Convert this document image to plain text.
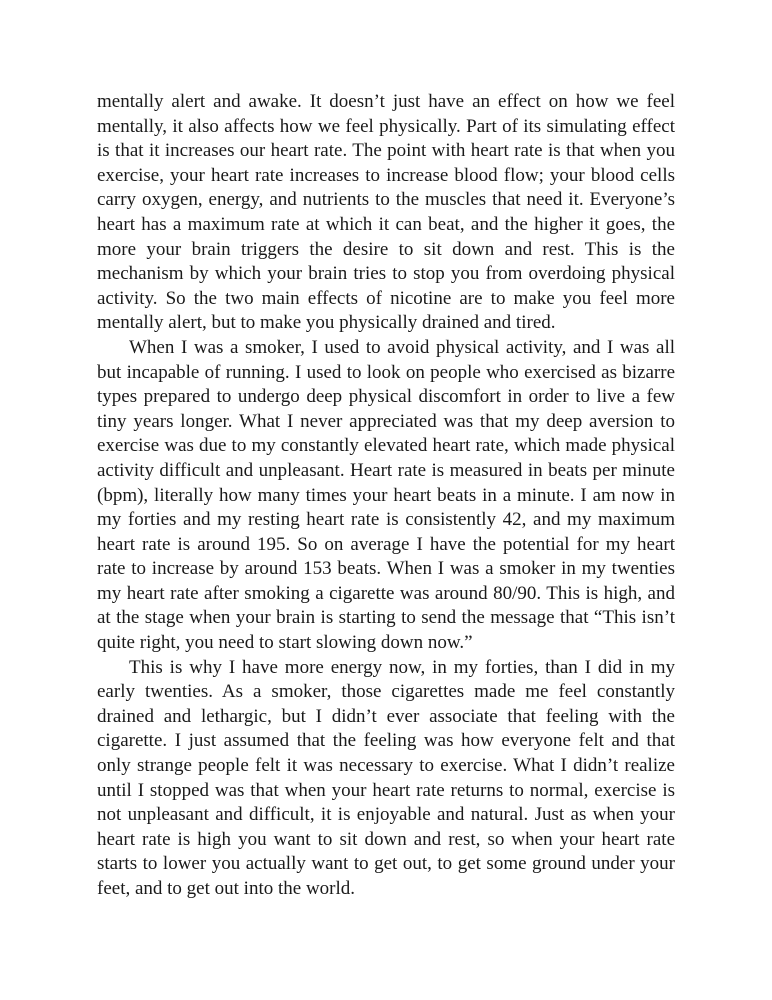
mentally alert and awake. It doesn’t just have an effect on how we feel mentally, it also affects how we feel physically. Part of its simulating effect is that it increases our heart rate. The point with heart rate is that when you exercise, your heart rate increases to increase blood flow; your blood cells carry oxygen, energy, and nutrients to the muscles that need it. Everyone’s heart has a maximum rate at which it can beat, and the higher it goes, the more your brain triggers the desire to sit down and rest. This is the mechanism by which your brain tries to stop you from overdoing physical activity. So the two main effects of nicotine are to make you feel more mentally alert, but to make you physically drained and tired.

When I was a smoker, I used to avoid physical activity, and I was all but incapable of running. I used to look on people who exercised as bizarre types prepared to undergo deep physical discomfort in order to live a few tiny years longer. What I never appreciated was that my deep aversion to exercise was due to my constantly elevated heart rate, which made physical activity difficult and unpleasant. Heart rate is measured in beats per minute (bpm), literally how many times your heart beats in a minute. I am now in my forties and my resting heart rate is consistently 42, and my maximum heart rate is around 195. So on average I have the potential for my heart rate to increase by around 153 beats. When I was a smoker in my twenties my heart rate after smoking a cigarette was around 80/90. This is high, and at the stage when your brain is starting to send the message that “This isn’t quite right, you need to start slowing down now.”

This is why I have more energy now, in my forties, than I did in my early twenties. As a smoker, those cigarettes made me feel constantly drained and lethargic, but I didn’t ever associate that feeling with the cigarette. I just assumed that the feeling was how everyone felt and that only strange people felt it was necessary to exercise. What I didn’t realize until I stopped was that when your heart rate returns to normal, exercise is not unpleasant and difficult, it is enjoyable and natural. Just as when your heart rate is high you want to sit down and rest, so when your heart rate starts to lower you actually want to get out, to get some ground under your feet, and to get out into the world.
